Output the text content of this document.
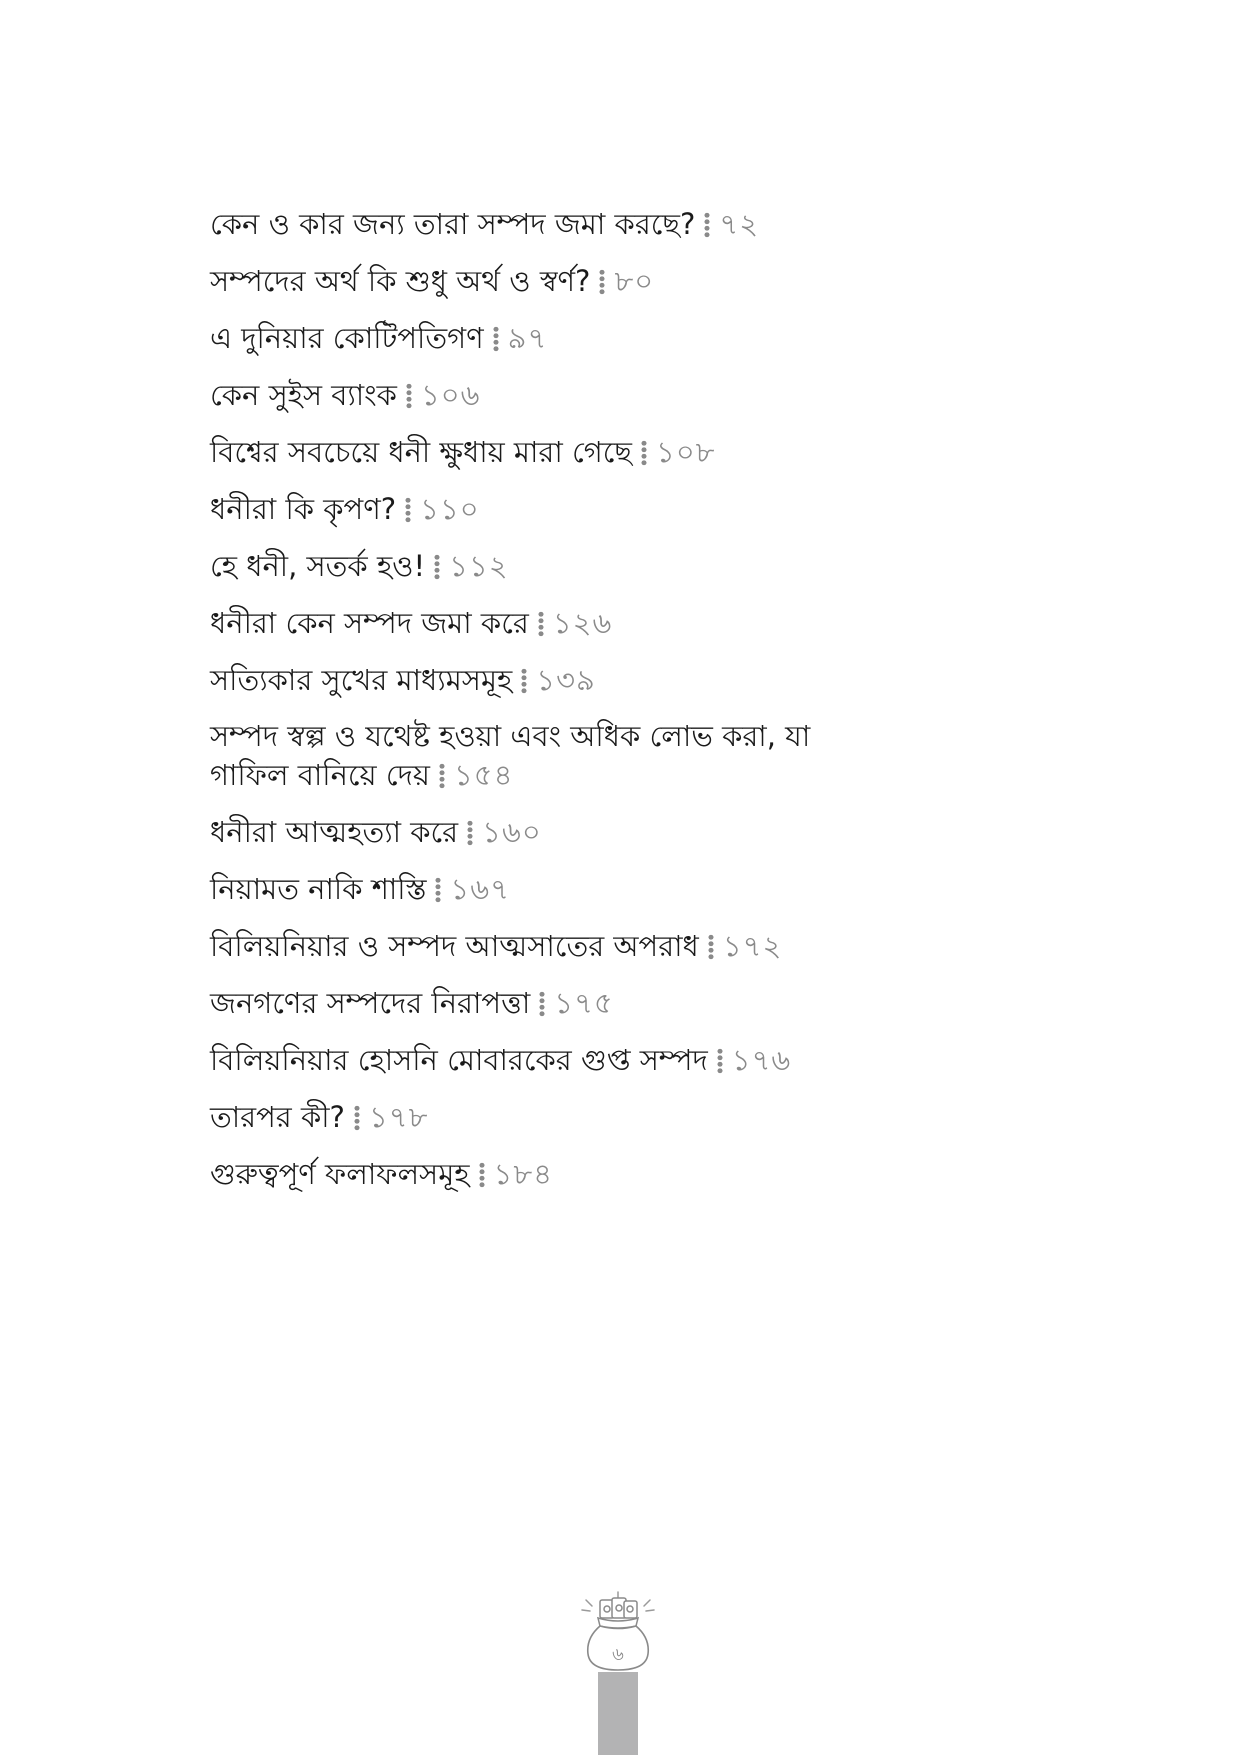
কেন ও কার জন্য তারা সম্পদ জমা করছে? ৭২
সম্পদের অর্থ কি শুধু অর্থ ও স্বর্ণ? ৮০
এ দুনিয়ার কোটিপতিগণ ৯৭
কেন সুইস ব্যাংক ১০৬
বিশ্বের সবচেয়ে ধনী ক্ষুধায় মারা গেছে ১০৮
ধনীরা কি কৃপণ? ১১০
হে ধনী, সতর্ক হও! ১১২
ধনীরা কেন সম্পদ জমা করে ১২৬
সত্যিকার সুখের মাধ্যমসমূহ ১৩৯
সম্পদ স্বল্প ও যথেষ্ট হওয়া এবং অধিক লোভ করা, যা গাফিল বানিয়ে দেয় ১৫৪
ধনীরা আত্মহত্যা করে ১৬০
নিয়ামত নাকি শাস্তি ১৬৭
বিলিয়নিয়ার ও সম্পদ আত্মসাতের অপরাধ ১৭২
জনগণের সম্পদের নিরাপত্তা ১৭৫
বিলিয়নিয়ার হোসনি মোবারকের গুপ্ত সম্পদ ১৭৬
তারপর কী? ১৭৮
গুরুত্বপূর্ণ ফলাফলসমূহ ১৮৪
৬
